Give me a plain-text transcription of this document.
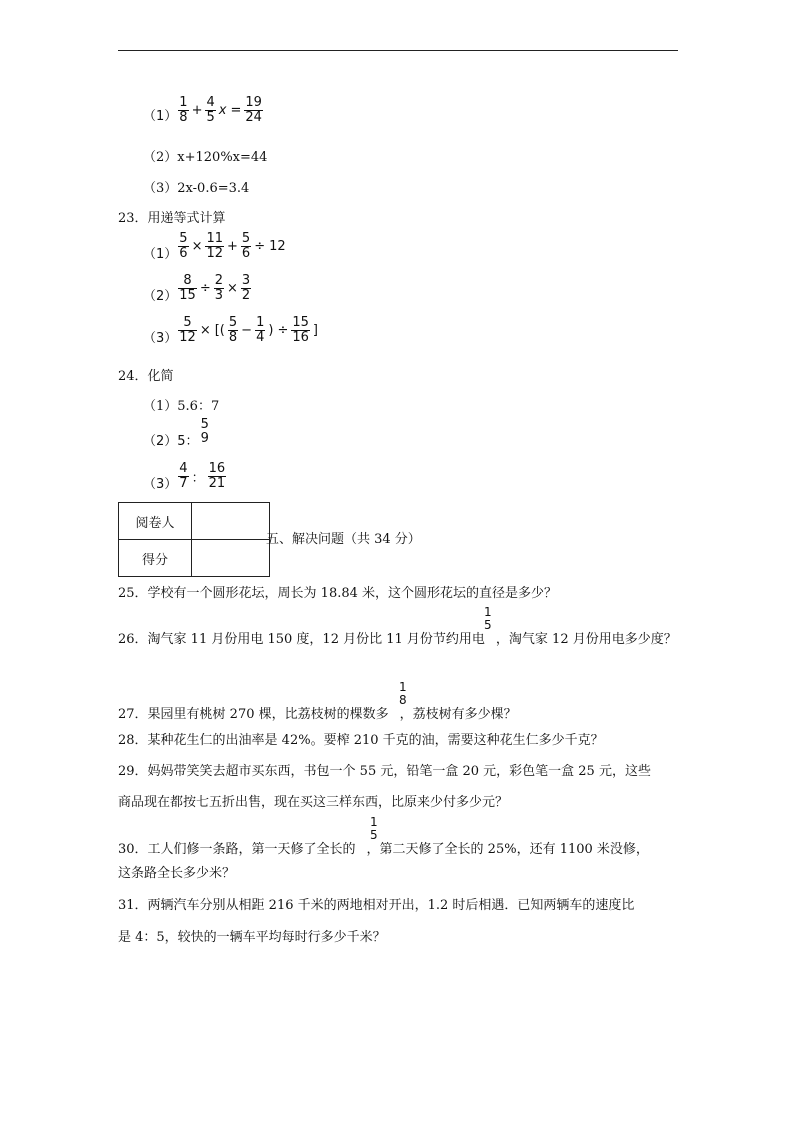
$(1) \frac{1}{8} + \frac{4}{5}$ $x = \frac{19}{24}$
（2）x+120%x=44
（3）2x-0.6=3.4
23．用递等式计算
$(1) \frac{5}{6} \times \frac{11}{12} + \frac{5}{6} \div 12$
$(2) \frac{8}{15} \div \frac{2}{3} \times \frac{3}{2}$
$(3) \frac{5}{12}$ × [( $\frac{5}{8} - \frac{1}{4}$ ) ÷ $\frac{15}{16}$ ]
24．化简
（1）5.6：7
（2）5：
5
9
$(3) \frac{4}{7}$ ： $\frac{16}{21}$
阅卷人	
得分	
五、解决问题（共 34 分）
25．学校有一个圆形花坛，周长为 18.84 米，这个圆形花坛的直径是多少？
26．淘气家 11 月份用电 150 度，12 月份比 11 月份节约用电 ，淘气家 12 月份用电多少度？
1
5
27．果园里有桃树 270 棵，比荔枝树的棵数多 ，荔枝树有多少棵？
1
8
28．某种花生仁的出油率是 42%。要榨 210 千克的油，需要这种花生仁多少千克？
29．妈妈带笑笑去超市买东西，书包一个 55 元，铅笔一盒 20 元，彩色笔一盒 25 元，这些
商品现在都按七五折出售，现在买这三样东西，比原来少付多少元？
30．工人们修一条路，第一天修了全长的 ，第二天修了全长的 25%，还有 1100 米没修，
1
5
这条路全长多少米？
31．两辆汽车分别从相距 216 千米的两地相对开出，1.2 时后相遇．已知两辆车的速度比
是 4：5，较快的一辆车平均每时行多少千米？
